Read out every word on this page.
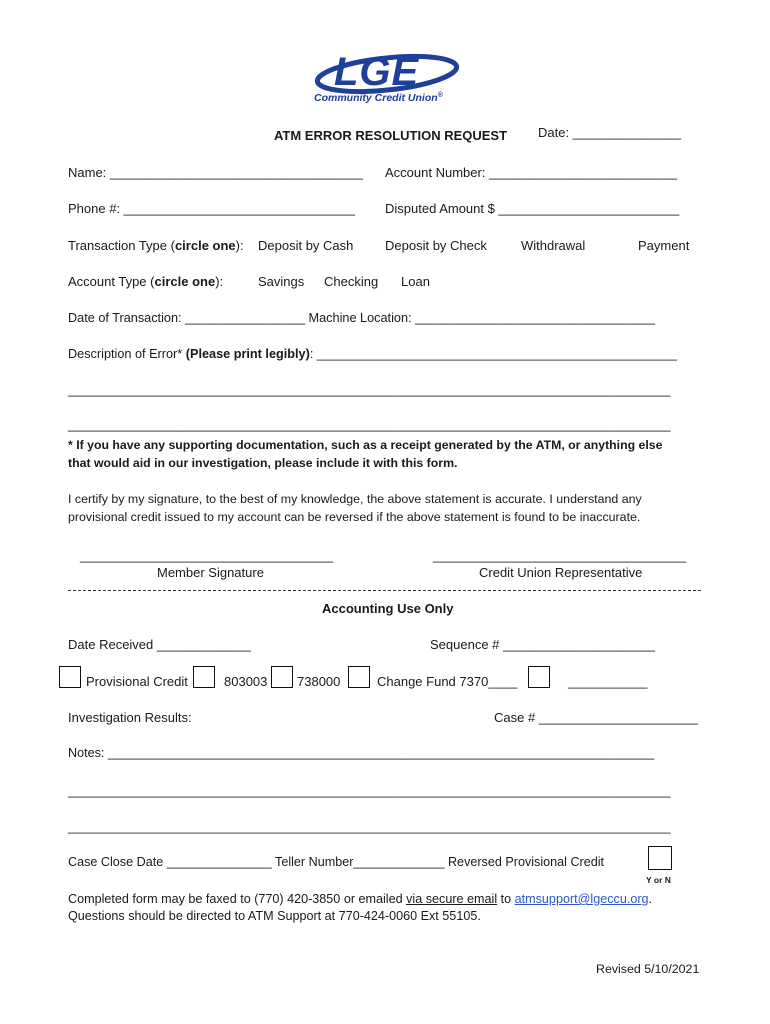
LGE
Community Credit Union®
ATM ERROR RESOLUTION REQUEST Date: _______________
Name: ___________________________________ Account Number: __________________________
Phone #: ________________________________ Disputed Amount $ _________________________
Transaction Type (circle one): Deposit by Cash Deposit by Check	Withdrawal	Payment
Account Type (circle one):	Savings Checking Loan
Date of Transaction: _________________ Machine Location: __________________________________
Description of Error* (Please print legibly): ___________________________________________________
______________________________________________________________________________________
______________________________________________________________________________________
* If you have any supporting documentation, such as a receipt generated by the ATM, or anything else
that would aid in our investigation, please include it with this form.
I certify by my signature, to the best of my knowledge, the above statement is accurate. I understand any
provisional credit issued to my account can be reversed if the above statement is found to be inaccurate.
___________________________________	___________________________________
Member Signature	Credit Union Representative
Accounting Use Only
Date Received _____________	Sequence # _____________________
Provisional Credit	803003 738000	Change Fund 7370____	___________
Investigation Results:	Case # ______________________
Notes: ______________________________________________________________________________
______________________________________________________________________________________
______________________________________________________________________________________
Case Close Date _______________ Teller Number_____________ Reversed Provisional Credit
Y or N
Completed form may be faxed to (770) 420-3850 or emailed via secure email to atmsupport@lgeccu.org.
Questions should be directed to ATM Support at 770-424-0060 Ext 55105.
Revised 5/10/2021
